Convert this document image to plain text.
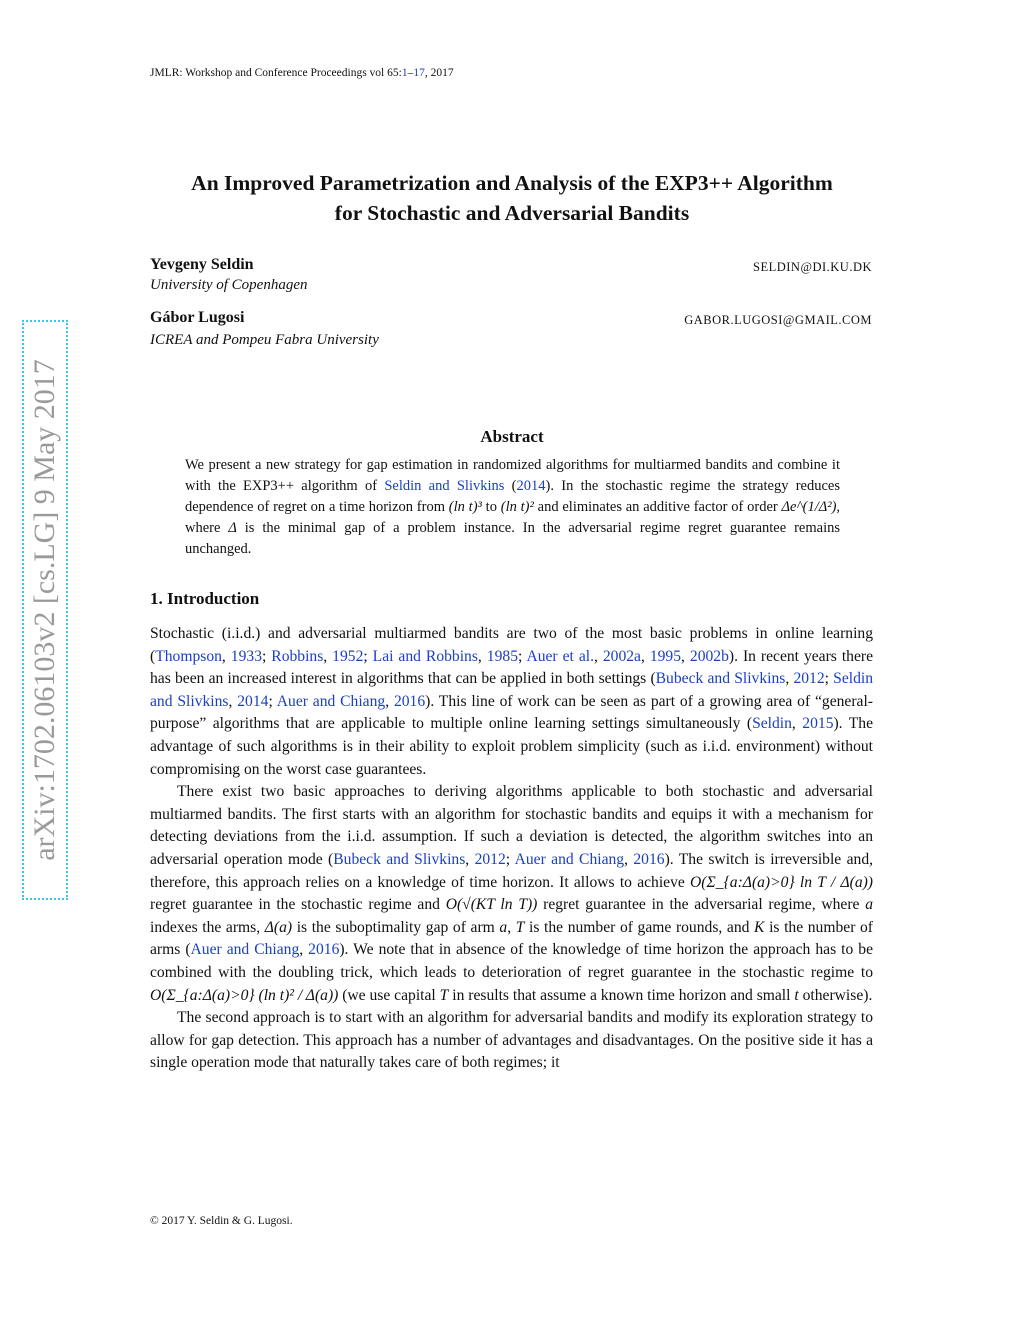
JMLR: Workshop and Conference Proceedings vol 65:1–17, 2017
arXiv:1702.06103v2 [cs.LG] 9 May 2017
An Improved Parametrization and Analysis of the EXP3++ Algorithm
for Stochastic and Adversarial Bandits
Yevgeny Seldin	SELDIN@DI.KU.DK
University of Copenhagen
Gábor Lugosi	GABOR.LUGOSI@GMAIL.COM
ICREA and Pompeu Fabra University
Abstract
We present a new strategy for gap estimation in randomized algorithms for multiarmed bandits and combine it with the EXP3++ algorithm of Seldin and Slivkins (2014). In the stochastic regime the strategy reduces dependence of regret on a time horizon from (ln t)³ to (ln t)² and eliminates an additive factor of order Δe^(1/Δ²), where Δ is the minimal gap of a problem instance. In the adversarial regime regret guarantee remains unchanged.
1. Introduction

Stochastic (i.i.d.) and adversarial multiarmed bandits are two of the most basic problems in online learning (Thompson, 1933; Robbins, 1952; Lai and Robbins, 1985; Auer et al., 2002a, 1995, 2002b). In recent years there has been an increased interest in algorithms that can be applied in both settings (Bubeck and Slivkins, 2012; Seldin and Slivkins, 2014; Auer and Chiang, 2016). This line of work can be seen as part of a growing area of “general-purpose” algorithms that are applicable to multiple online learning settings simultaneously (Seldin, 2015). The advantage of such algorithms is in their ability to exploit problem simplicity (such as i.i.d. environment) without compromising on the worst case guarantees.

There exist two basic approaches to deriving algorithms applicable to both stochastic and adversarial multiarmed bandits. The first starts with an algorithm for stochastic bandits and equips it with a mechanism for detecting deviations from the i.i.d. assumption. If such a deviation is detected, the algorithm switches into an adversarial operation mode (Bubeck and Slivkins, 2012; Auer and Chiang, 2016). The switch is irreversible and, therefore, this approach relies on a knowledge of time horizon. It allows to achieve O(Σ_{a:Δ(a)>0} ln T / Δ(a)) regret guarantee in the stochastic regime and O(√(KT ln T)) regret guarantee in the adversarial regime, where a indexes the arms, Δ(a) is the suboptimality gap of arm a, T is the number of game rounds, and K is the number of arms (Auer and Chiang, 2016). We note that in absence of the knowledge of time horizon the approach has to be combined with the doubling trick, which leads to deterioration of regret guarantee in the stochastic regime to O(Σ_{a:Δ(a)>0} (ln t)² / Δ(a)) (we use capital T in results that assume a known time horizon and small t otherwise).

The second approach is to start with an algorithm for adversarial bandits and modify its exploration strategy to allow for gap detection. This approach has a number of advantages and disadvantages. On the positive side it has a single operation mode that naturally takes care of both regimes; it

© 2017 Y. Seldin & G. Lugosi.
